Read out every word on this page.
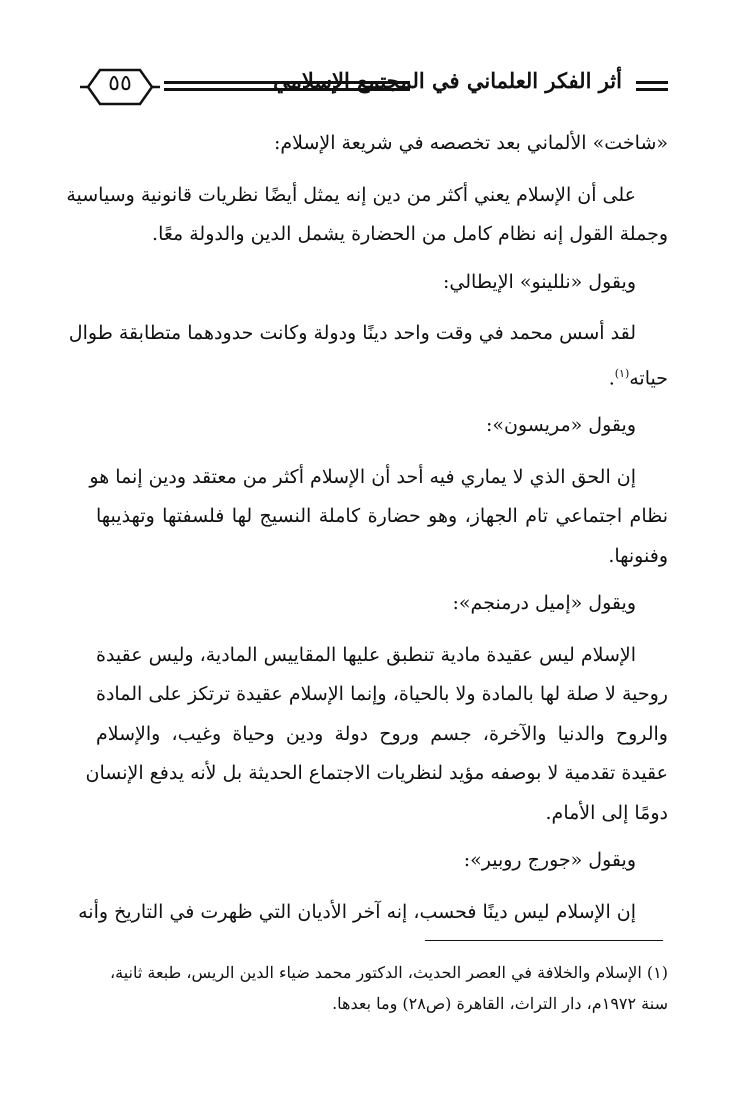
٥٥	أثر الفكر العلماني في المجتمع الإسلامي
«شاخت» الألماني بعد تخصصه في شريعة الإسلام:
على أن الإسلام يعني أكثر من دين إنه يمثل أيضًا نظريات قانونية وسياسية
وجملة القول إنه نظام كامل من الحضارة يشمل الدين والدولة معًا.
ويقول «نللينو» الإيطالي:
لقد أسس محمد في وقت واحد دينًا ودولة وكانت حدودهما متطابقة طوال
حياته$^{(١)}$.
ويقول «مريسون»:
إن الحق الذي لا يماري فيه أحد أن الإسلام أكثر من معتقد ودين إنما هو
نظام اجتماعي تام الجهاز، وهو حضارة كاملة النسيج لها فلسفتها وتهذيبها
وفنونها.
ويقول «إميل درمنجم»:
الإسلام ليس عقيدة مادية تنطبق عليها المقاييس المادية، وليس عقيدة
روحية لا صلة لها بالمادة ولا بالحياة، وإنما الإسلام عقيدة ترتكز على المادة
والروح والدنيا والآخرة، جسم وروح دولة ودين وحياة وغيب، والإسلام
عقيدة تقدمية لا بوصفه مؤيد لنظريات الاجتماع الحديثة بل لأنه يدفع الإنسان
دومًا إلى الأمام.
ويقول «جورج روبير»:
إن الإسلام ليس دينًا فحسب، إنه آخر الأديان التي ظهرت في التاريخ وأنه
(١) الإسلام والخلافة في العصر الحديث، الدكتور محمد ضياء الدين الريس، طبعة ثانية،
سنة ١٩٧٢م، دار التراث، القاهرة (ص٢٨) وما بعدها.
